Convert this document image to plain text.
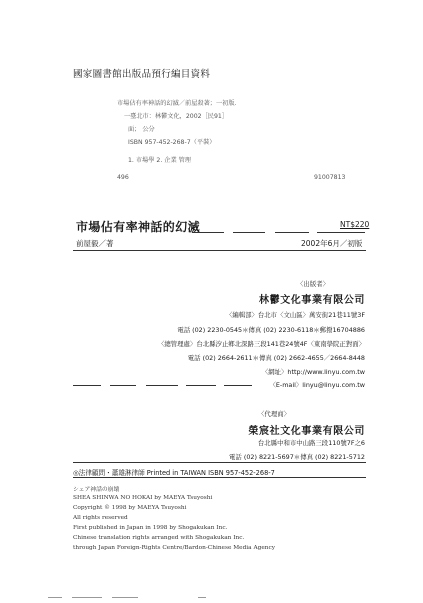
國家圖書館出版品預行編目資料
市場佔有率神話的幻滅／前屋殺著；一初版．
一臺北市：林鬱文化，2002［民91］
面； 公分
ISBN 957-452-268-7（平裝）
1. 市場學 2. 企業 管理
496	91007813
市場佔有率神話的幻滅	NT$220
前屋毅／著	2002年6月／初版
〈出版者〉
林鬱文化事業有限公司
〈編輯部〉台北市〈文山區〉萬安街21巷11號3F
電話 (02) 2230-0545＊傳真 (02) 2230-6118＊郵撥16704886
〈總管理處〉台北縣汐止鄉北深路三段141巷24號4F〈東南學院正對面〉
電話 (02) 2664-2611＊傳真 (02) 2662-4655／2664-8448
〈網址〉http://www.linyu.com.tw
〈E-mail〉linyu@linyu.com.tw
〈代理商〉
榮宸社文化事業有限公司
台北縣中和市中山路三段110號7F之6
電話 (02) 8221-5697＊傳真 (02) 8221-5712
◎法律顧問・蕭雄淋律師 Printed in TAIWAN ISBN 957-452-268-7
シェア神話の崩壊
SHEA SHINWA NO HOKAI by MAEYA Tsuyoshi
Copyright © 1998 by MAEYA Tsuyoshi
All rights reserved
First published in Japan in 1998 by Shogakukan Inc.
Chinese translation rights arranged with Shogakukan Inc.
through Japan Foreign-Rights Centre/Bardon-Chinese Media Agency
